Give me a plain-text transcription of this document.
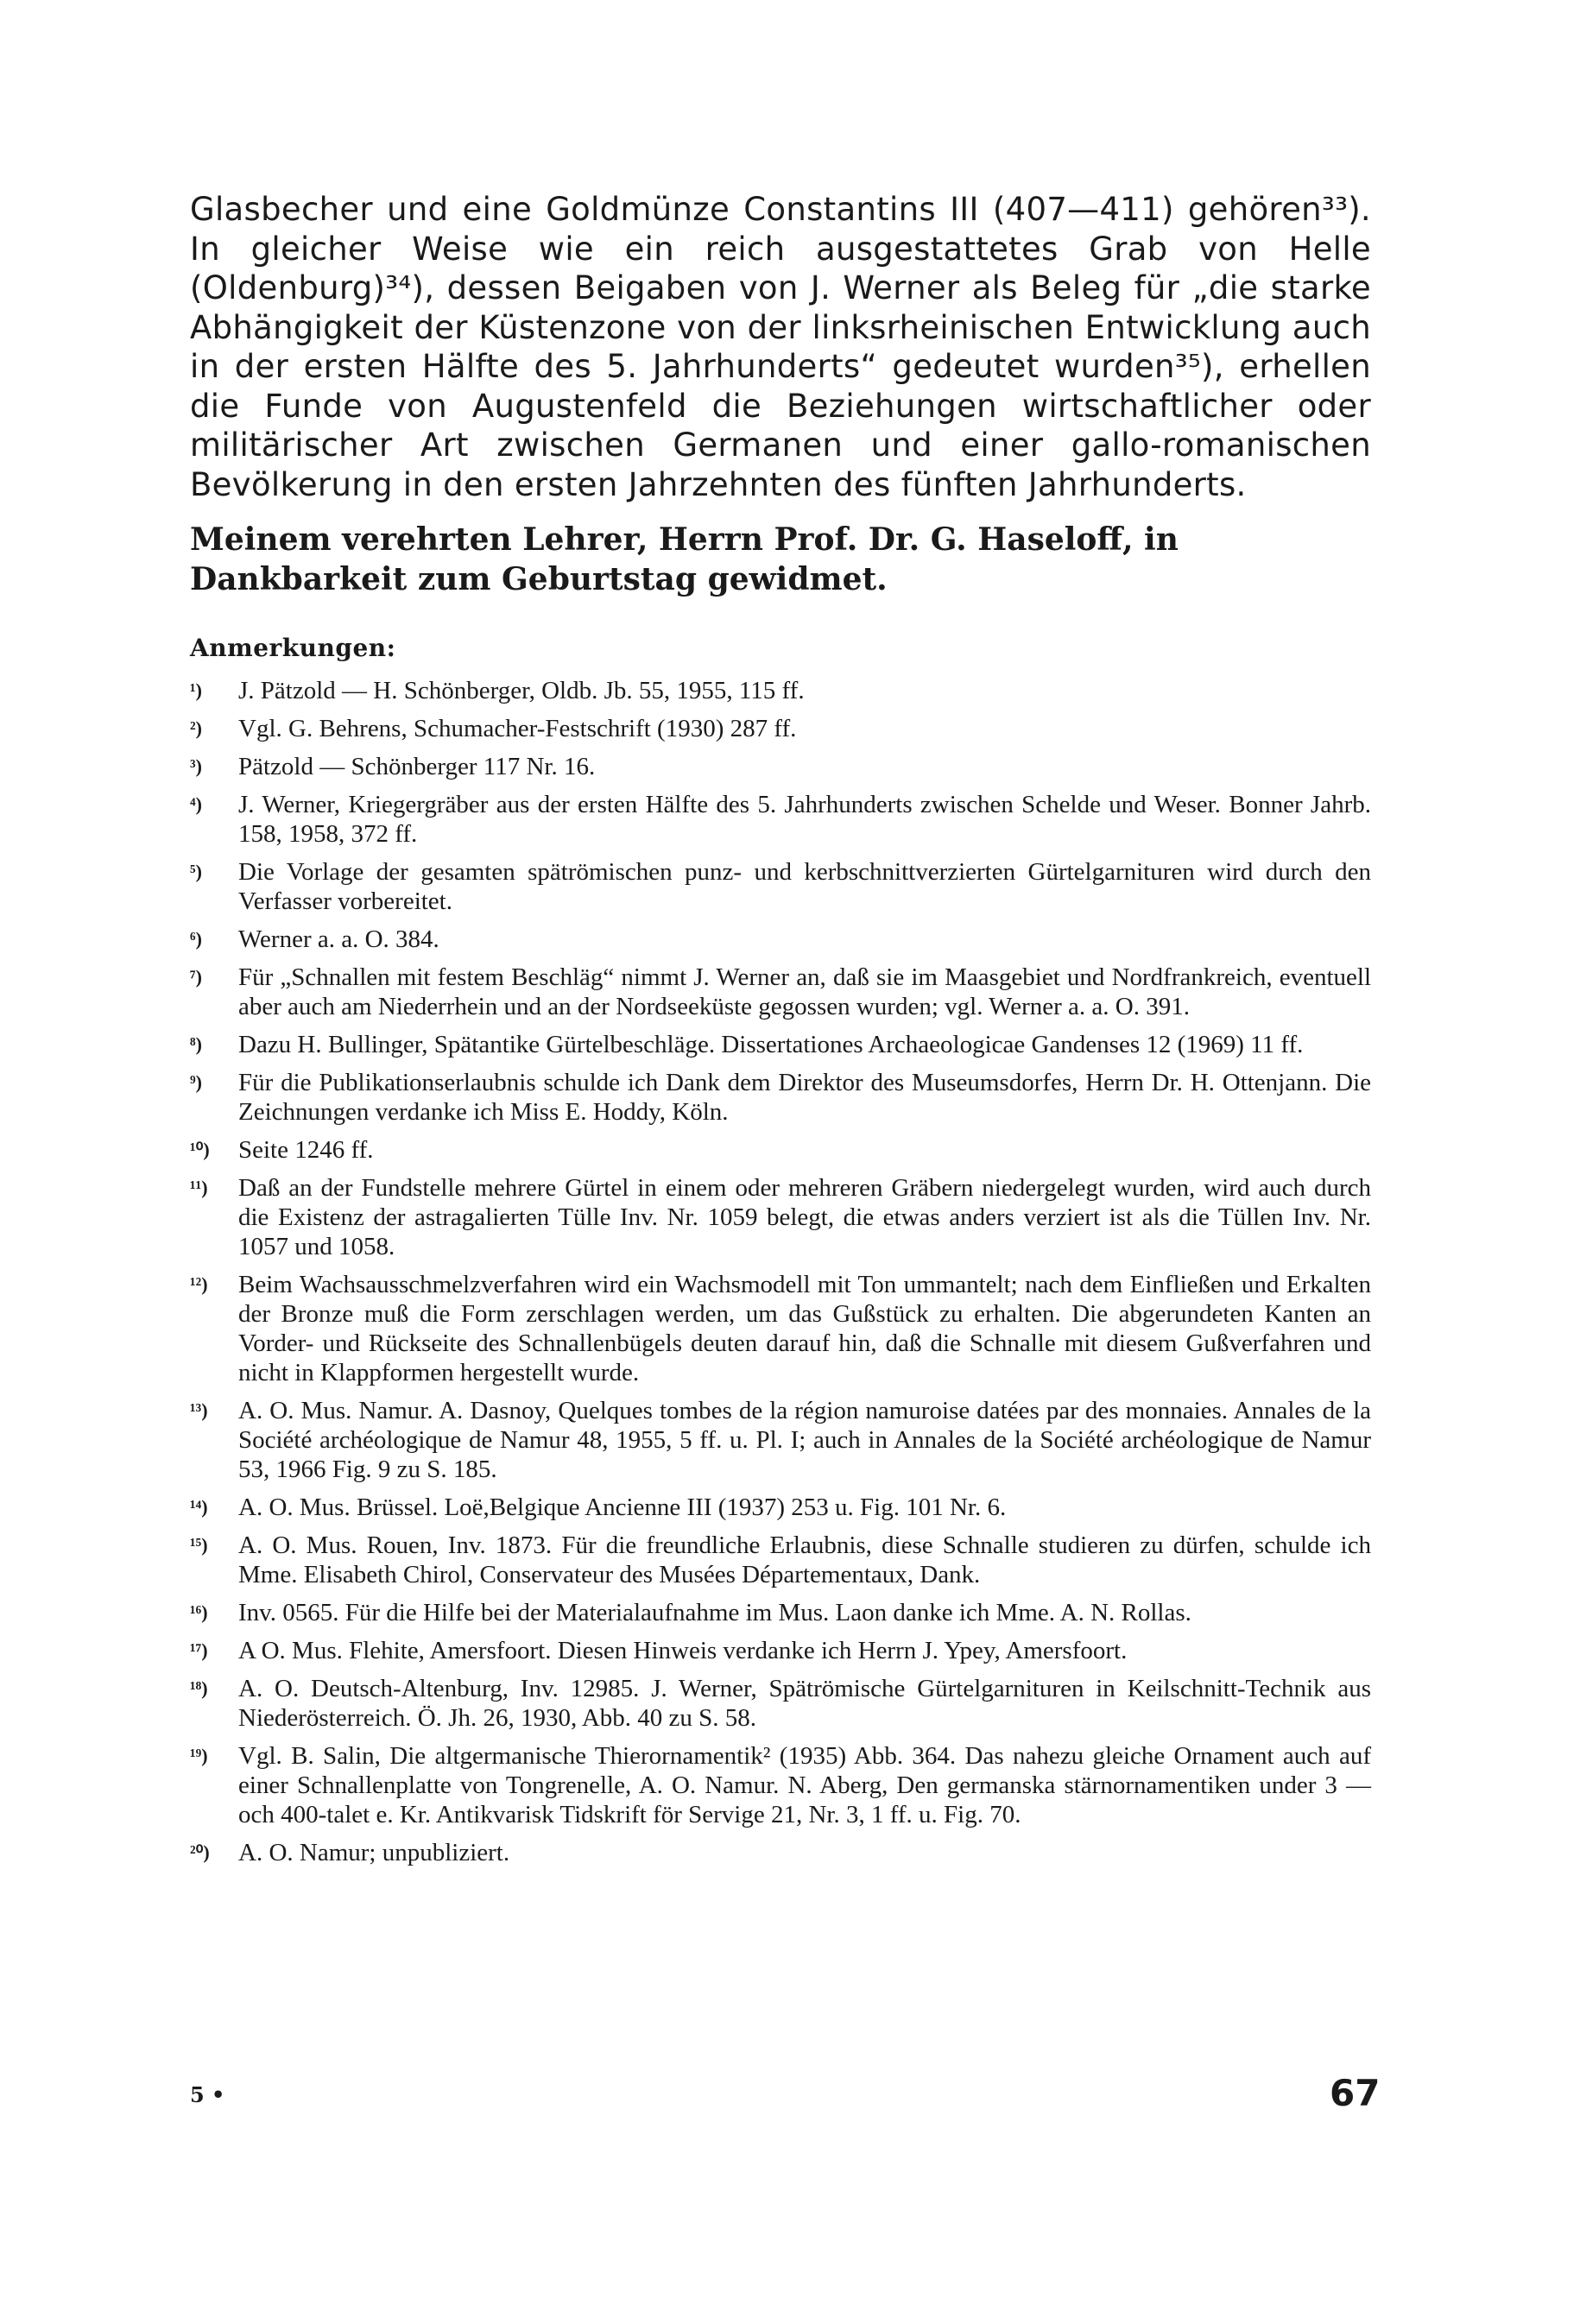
Glasbecher und eine Goldmünze Constantins III (407—411) gehören³³). In gleicher Weise wie ein reich ausgestattetes Grab von Helle (Oldenburg)³⁴), dessen Beigaben von J. Werner als Beleg für „die starke Abhängigkeit der Küstenzone von der linksrheinischen Entwicklung auch in der ersten Hälfte des 5. Jahrhunderts“ gedeutet wurden³⁵), erhellen die Funde von Augustenfeld die Beziehungen wirtschaftlicher oder militärischer Art zwischen Germanen und einer gallo-romanischen Bevölkerung in den ersten Jahrzehnten des fünften Jahrhunderts.

Meinem verehrten Lehrer, Herrn Prof. Dr. G. Haseloff, in Dankbarkeit zum Geburtstag gewidmet.

Anmerkungen:
¹)	J. Pätzold — H. Schönberger, Oldb. Jb. 55, 1955, 115 ff.
²)	Vgl. G. Behrens, Schumacher-Festschrift (1930) 287 ff.
³)	Pätzold — Schönberger 117 Nr. 16.
⁴)	J. Werner, Kriegergräber aus der ersten Hälfte des 5. Jahrhunderts zwischen Schelde und Weser. Bonner Jahrb. 158, 1958, 372 ff.
⁵)	Die Vorlage der gesamten spätrömischen punz- und kerbschnittverzierten Gürtelgarnituren wird durch den Verfasser vorbereitet.
⁶)	Werner a. a. O. 384.
⁷)	Für „Schnallen mit festem Beschläg“ nimmt J. Werner an, daß sie im Maasgebiet und Nordfrankreich, eventuell aber auch am Niederrhein und an der Nordseeküste gegossen wurden; vgl. Werner a. a. O. 391.
⁸)	Dazu H. Bullinger, Spätantike Gürtelbeschläge. Dissertationes Archaeologicae Gandenses 12 (1969) 11 ff.
⁹)	Für die Publikationserlaubnis schulde ich Dank dem Direktor des Museumsdorfes, Herrn Dr. H. Ottenjann. Die Zeichnungen verdanke ich Miss E. Hoddy, Köln.
¹⁰)	Seite 1246 ff.
¹¹)	Daß an der Fundstelle mehrere Gürtel in einem oder mehreren Gräbern niedergelegt wurden, wird auch durch die Existenz der astragalierten Tülle Inv. Nr. 1059 belegt, die etwas anders verziert ist als die Tüllen Inv. Nr. 1057 und 1058.
¹²)	Beim Wachsausschmelzverfahren wird ein Wachsmodell mit Ton ummantelt; nach dem Einfließen und Erkalten der Bronze muß die Form zerschlagen werden, um das Gußstück zu erhalten. Die abgerundeten Kanten an Vorder- und Rückseite des Schnallenbügels deuten darauf hin, daß die Schnalle mit diesem Gußverfahren und nicht in Klappformen hergestellt wurde.
¹³)	A. O. Mus. Namur. A. Dasnoy, Quelques tombes de la région namuroise datées par des monnaies. Annales de la Société archéologique de Namur 48, 1955, 5 ff. u. Pl. I; auch in Annales de la Société archéologique de Namur 53, 1966 Fig. 9 zu S. 185.
¹⁴)	A. O. Mus. Brüssel. Loë,Belgique Ancienne III (1937) 253 u. Fig. 101 Nr. 6.
¹⁵)	A. O. Mus. Rouen, Inv. 1873. Für die freundliche Erlaubnis, diese Schnalle studieren zu dürfen, schulde ich Mme. Elisabeth Chirol, Conservateur des Musées Départementaux, Dank.
¹⁶)	Inv. 0565. Für die Hilfe bei der Materialaufnahme im Mus. Laon danke ich Mme. A. N. Rollas.
¹⁷)	A O. Mus. Flehite, Amersfoort. Diesen Hinweis verdanke ich Herrn J. Ypey, Amersfoort.
¹⁸)	A. O. Deutsch-Altenburg, Inv. 12985. J. Werner, Spätrömische Gürtelgarnituren in Keilschnitt-Technik aus Niederösterreich. Ö. Jh. 26, 1930, Abb. 40 zu S. 58.
¹⁹)	Vgl. B. Salin, Die altgermanische Thierornamentik² (1935) Abb. 364. Das nahezu gleiche Ornament auch auf einer Schnallenplatte von Tongrenelle, A. O. Namur. N. Aberg, Den germanska stärnornamentiken under 3 — och 400-talet e. Kr. Antikvarisk Tidskrift för Servige 21, Nr. 3, 1 ff. u. Fig. 70.
²⁰)	A. O. Namur; unpubliziert.
5 •	67
